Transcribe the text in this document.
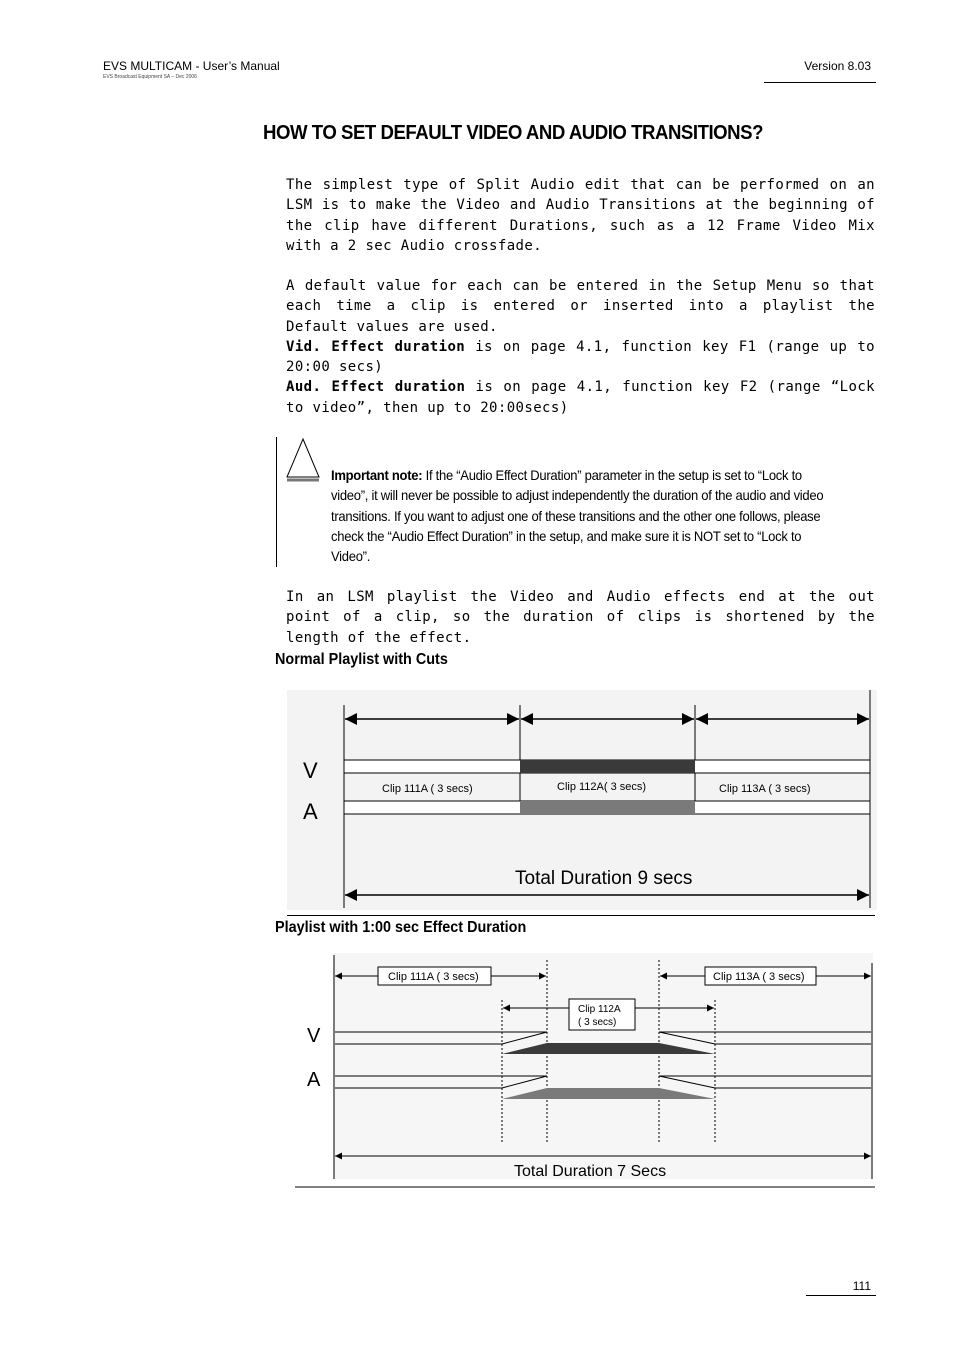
EVS MULTICAM - User’s Manual
EVS Broadcast Equipment SA – Dec 2006
Version 8.03
HOW TO SET DEFAULT VIDEO AND AUDIO TRANSITIONS?
The simplest type of Split Audio edit that can be performed on an LSM is to make the Video and Audio Transitions at the beginning of the clip have different Durations, such as a 12 Frame Video Mix with a 2 sec Audio crossfade.
A default value for each can be entered in the Setup Menu so that each time a clip is entered or inserted into a playlist the Default values are used.
Vid. Effect duration is on page 4.1, function key F1 (range up to 20:00 secs)
Aud. Effect duration is on page 4.1, function key F2 (range “Lock to video”, then up to 20:00secs)
Important note: If the “Audio Effect Duration” parameter in the setup is set to “Lock to video”, it will never be possible to adjust independently the duration of the audio and video transitions. If you want to adjust one of these transitions and the other one follows, please check the “Audio Effect Duration” in the setup, and make sure it is NOT set to “Lock to Video”.
In an LSM playlist the Video and Audio effects end at the out point of a clip, so the duration of clips is shortened by the length of the effect.
Normal Playlist with Cuts
V
A
Clip 111A ( 3 secs)	Clip 112A( 3 secs)	Clip 113A ( 3 secs)
Total Duration 9 secs
Playlist with 1:00 sec Effect Duration
Clip 111A ( 3 secs)	Clip 113A ( 3 secs)
Clip 112A
( 3 secs)
V
A
Total Duration 7 Secs
111
